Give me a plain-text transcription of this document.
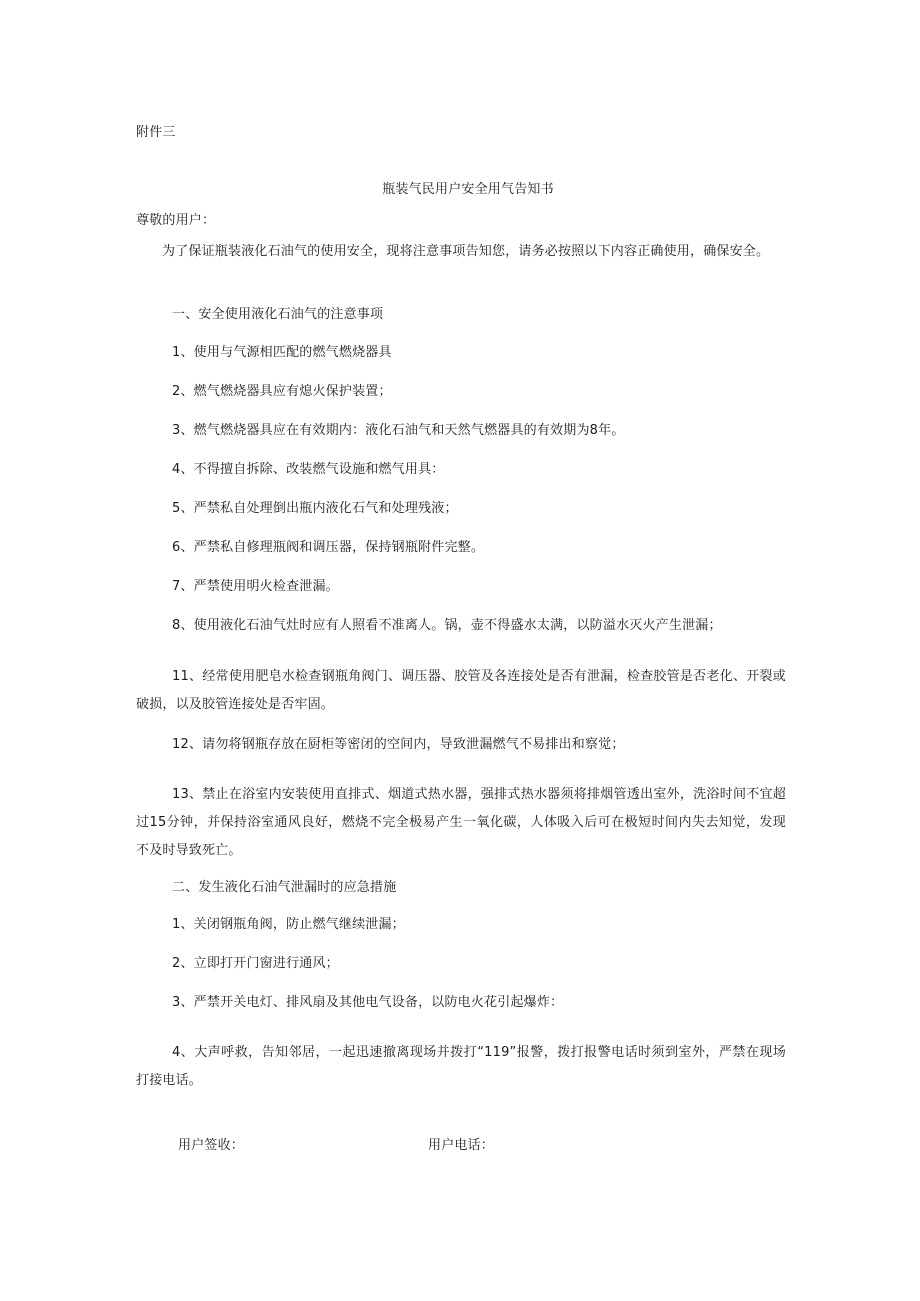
附件三
瓶装气民用户安全用气告知书
尊敬的用户：
为了保证瓶装液化石油气的使用安全，现将注意事项告知您，请务必按照以下内容正确使用，确保安全。
一、安全使用液化石油气的注意事项
1、使用与气源相匹配的燃气燃烧器具
2、燃气燃烧器具应有熄火保护装置；
3、燃气燃烧器具应在有效期内：液化石油气和天然气燃器具的有效期为8年。
4、不得擅自拆除、改装燃气设施和燃气用具：
5、严禁私自处理倒出瓶内液化石气和处理残液；
6、严禁私自修理瓶阀和调压器，保持钢瓶附件完整。
7、严禁使用明火检查泄漏。
8、使用液化石油气灶时应有人照看不准离人。锅，壶不得盛水太满，以防溢水灭火产生泄漏；
11、经常使用肥皂水检查钢瓶角阀门、调压器、胶管及各连接处是否有泄漏，检查胶管是否老化、开裂或破损，以及胶管连接处是否牢固。
12、请勿将钢瓶存放在厨柜等密闭的空间内，导致泄漏燃气不易排出和察觉；
13、禁止在浴室内安装使用直排式、烟道式热水器，强排式热水器须将排烟管透出室外，洗浴时间不宜超过15分钟，并保持浴室通风良好，燃烧不完全极易产生一氧化碳，人体吸入后可在极短时间内失去知觉，发现不及时导致死亡。
二、发生液化石油气泄漏时的应急措施
1、关闭钢瓶角阀，防止燃气继续泄漏；
2、立即打开门窗进行通风；
3、严禁开关电灯、排风扇及其他电气设备，以防电火花引起爆炸：
4、大声呼救，告知邻居，一起迅速撤离现场并拨打“119”报警，拨打报警电话时须到室外，严禁在现场打接电话。
用户签收：	用户电话：
